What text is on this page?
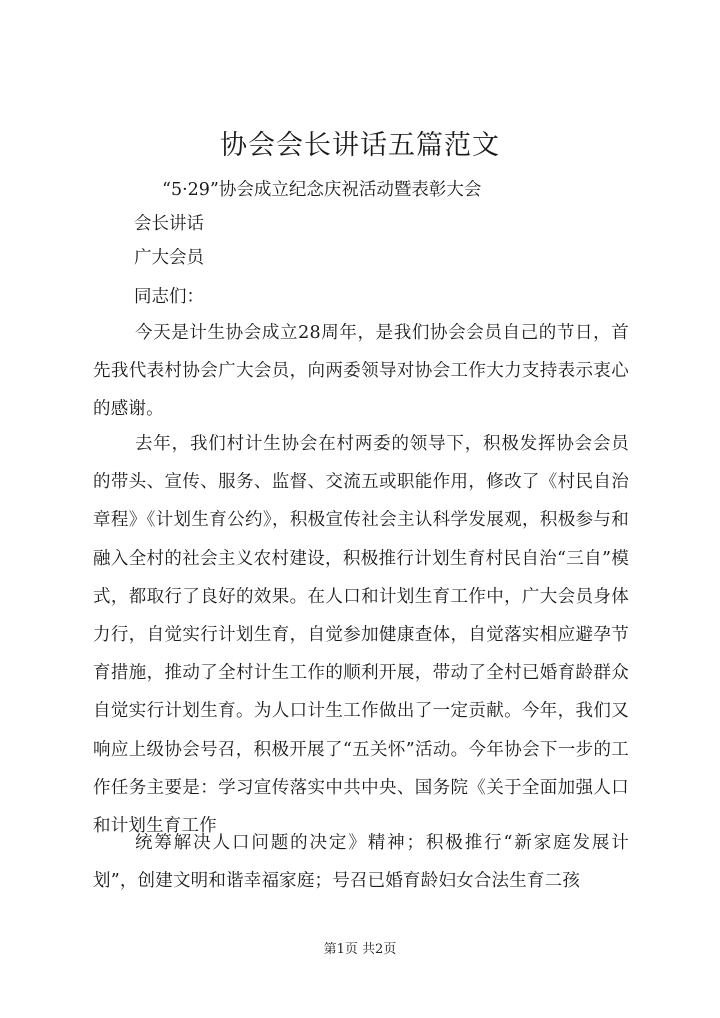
协会会长讲话五篇范文
“5·29”协会成立纪念庆祝活动暨表彰大会
会长讲话
广大会员
同志们：
今天是计生协会成立28周年，是我们协会会员自己的节日，首先我代表村协会广大会员，向两委领导对协会工作大力支持表示衷心的感谢。
去年，我们村计生协会在村两委的领导下，积极发挥协会会员的带头、宣传、服务、监督、交流五或职能作用，修改了《村民自治章程》《计划生育公约》，积极宣传社会主认科学发展观，积极参与和融入全村的社会主义农村建设，积极推行计划生育村民自治“三自”模式，都取行了良好的效果。在人口和计划生育工作中，广大会员身体力行，自觉实行计划生育，自觉参加健康查体，自觉落实相应避孕节育措施，推动了全村计生工作的顺利开展，带动了全村已婚育龄群众自觉实行计划生育。为人口计生工作做出了一定贡献。今年，我们又响应上级协会号召，积极开展了“五关怀”活动。今年协会下一步的工作任务主要是：学习宣传落实中共中央、国务院《关于全面加强人口和计划生育工作
统筹解决人口问题的决定》精神；积极推行“新家庭发展计划”，创建文明和谐幸福家庭；号召已婚育龄妇女合法生育二孩
第1页 共2页
